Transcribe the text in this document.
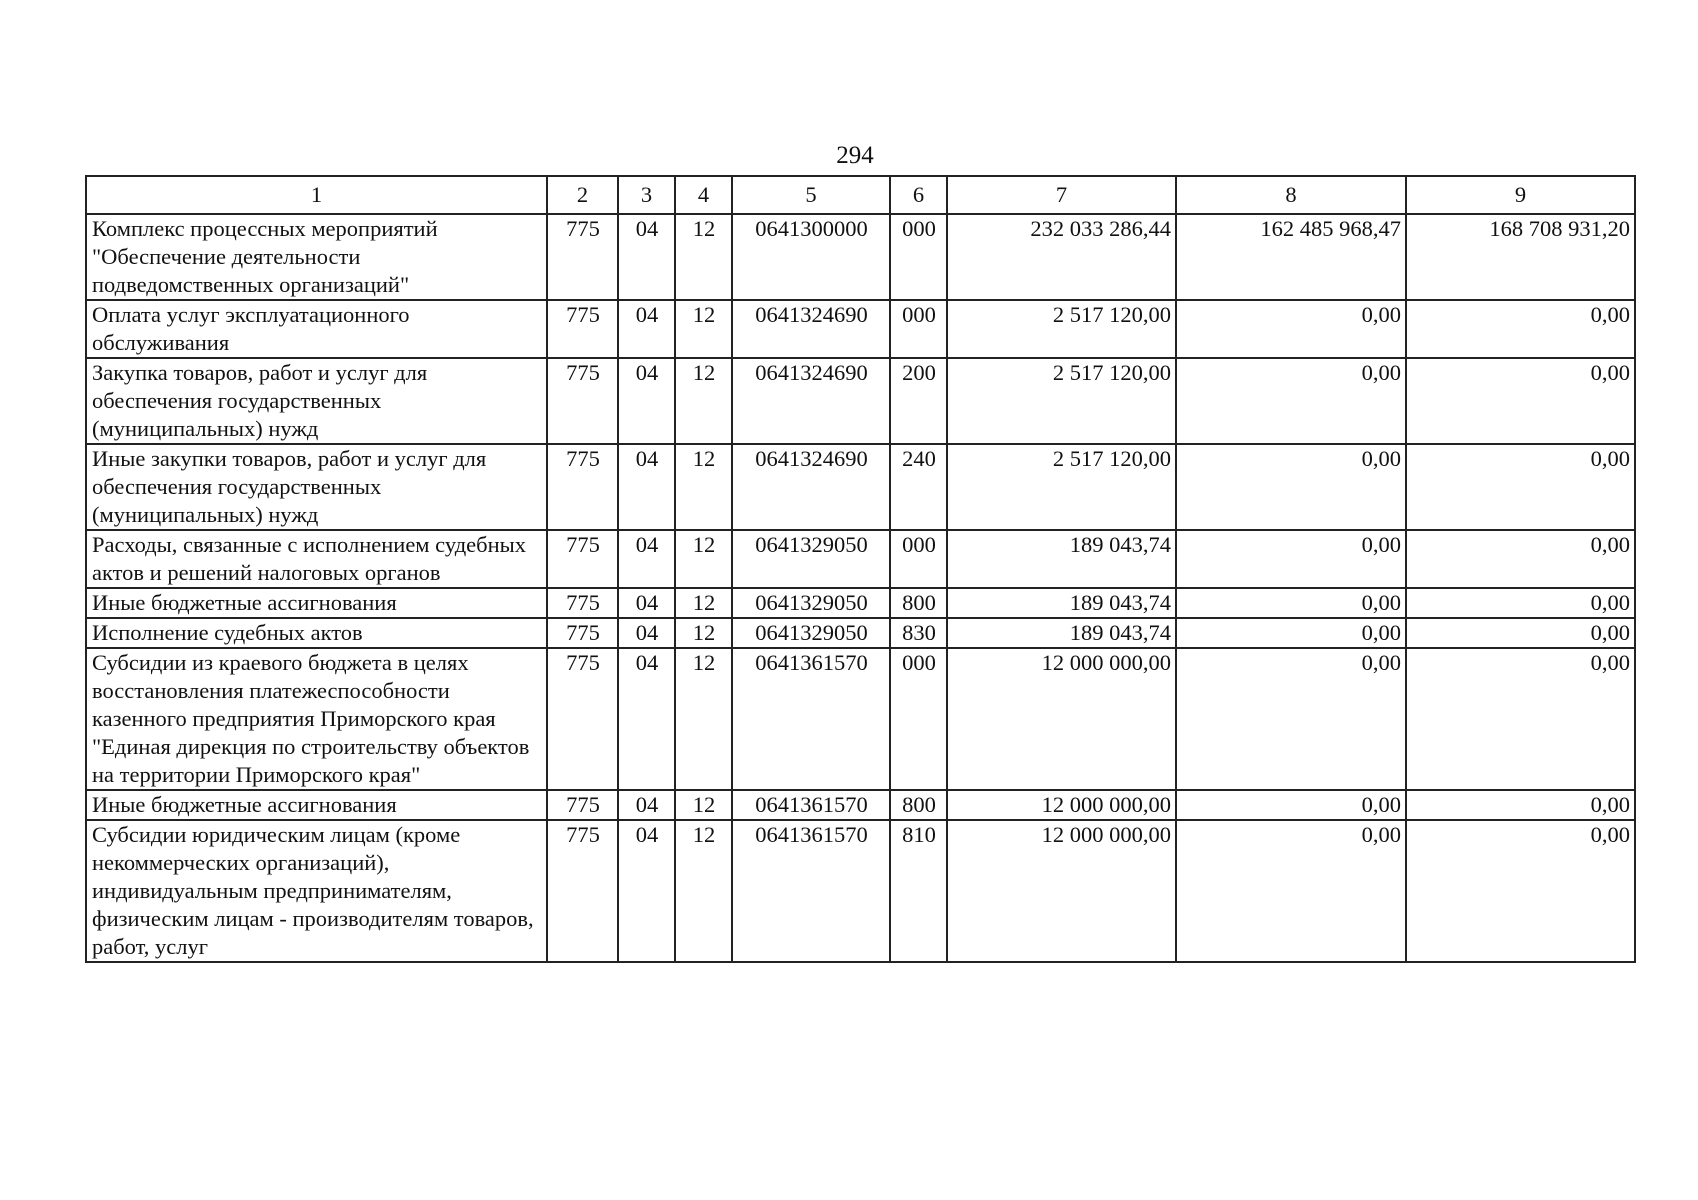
294
1	2	3	4	5	6	7	8	9
Комплекс процессных мероприятий "Обеспечение деятельности подведомственных организаций"	775	04	12	0641300000	000	232 033 286,44	162 485 968,47	168 708 931,20
Оплата услуг эксплуатационного обслуживания	775	04	12	0641324690	000	2 517 120,00	0,00	0,00
Закупка товаров, работ и услуг для обеспечения государственных (муниципальных) нужд	775	04	12	0641324690	200	2 517 120,00	0,00	0,00
Иные закупки товаров, работ и услуг для обеспечения государственных (муниципальных) нужд	775	04	12	0641324690	240	2 517 120,00	0,00	0,00
Расходы, связанные с исполнением судебных актов и решений налоговых органов	775	04	12	0641329050	000	189 043,74	0,00	0,00
Иные бюджетные ассигнования	775	04	12	0641329050	800	189 043,74	0,00	0,00
Исполнение судебных актов	775	04	12	0641329050	830	189 043,74	0,00	0,00
Субсидии из краевого бюджета в целях восстановления платежеспособности казенного предприятия Приморского края "Единая дирекция по строительству объектов на территории Приморского края"	775	04	12	0641361570	000	12 000 000,00	0,00	0,00
Иные бюджетные ассигнования	775	04	12	0641361570	800	12 000 000,00	0,00	0,00
Субсидии юридическим лицам (кроме некоммерческих организаций), индивидуальным предпринимателям, физическим лицам - производителям товаров, работ, услуг	775	04	12	0641361570	810	12 000 000,00	0,00	0,00
